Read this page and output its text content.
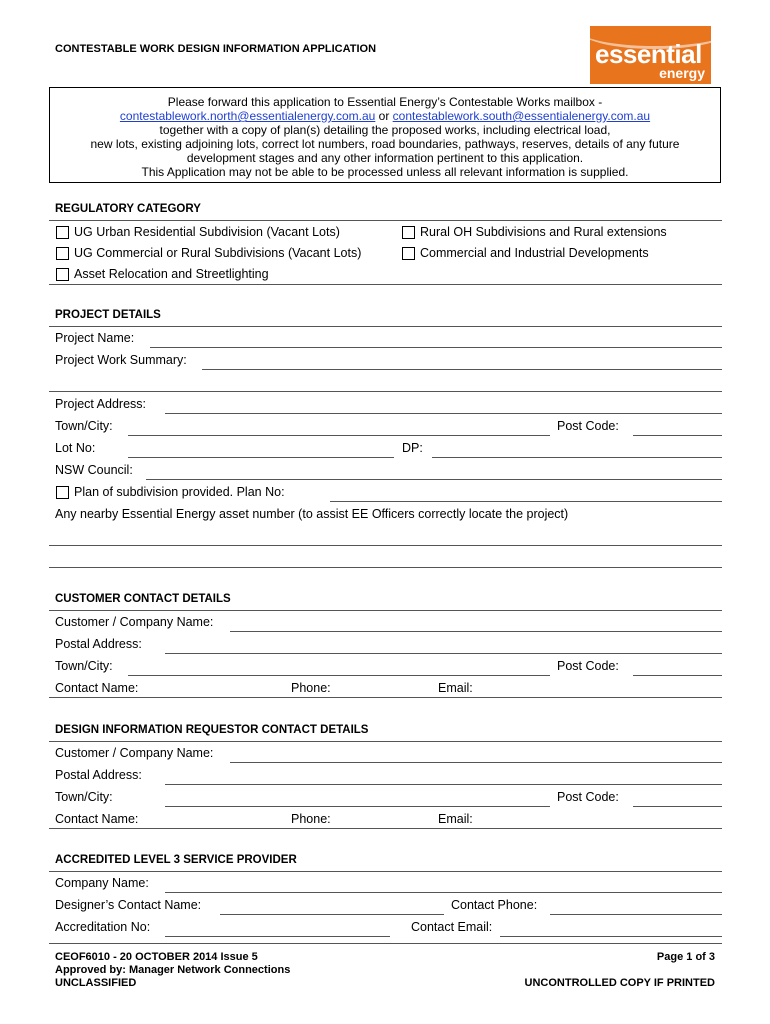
CONTESTABLE WORK DESIGN INFORMATION APPLICATION	essential
energy
Please forward this application to Essential Energy’s Contestable Works mailbox -
contestablework.north@essentialenergy.com.au or contestablework.south@essentialenergy.com.au
together with a copy of plan(s) detailing the proposed works, including electrical load,
new lots, existing adjoining lots, correct lot numbers, road boundaries, pathways, reserves, details of any future
development stages and any other information pertinent to this application.
This Application may not be able to be processed unless all relevant information is supplied.
REGULATORY CATEGORY
UG Urban Residential Subdivision (Vacant Lots)	Rural OH Subdivisions and Rural extensions
UG Commercial or Rural Subdivisions (Vacant Lots)	Commercial and Industrial Developments
Asset Relocation and Streetlighting
PROJECT DETAILS
Project Name:
Project Work Summary:
Project Address:
Town/City:	Post Code:
Lot No:	DP:
NSW Council:
Plan of subdivision provided. Plan No:
Any nearby Essential Energy asset number (to assist EE Officers correctly locate the project)
CUSTOMER CONTACT DETAILS
Customer / Company Name:
Postal Address:
Town/City:	Post Code:
Contact Name:	Phone:	Email:
DESIGN INFORMATION REQUESTOR CONTACT DETAILS
Customer / Company Name:
Postal Address:
Town/City:	Post Code:
Contact Name:	Phone:	Email:
ACCREDITED LEVEL 3 SERVICE PROVIDER
Company Name:
Designer’s Contact Name:	Contact Phone:
Accreditation No:	Contact Email:
CEOF6010 - 20 OCTOBER 2014 Issue 5
Approved by: Manager Network Connections
UNCLASSIFIED
Page 1 of 3
UNCONTROLLED COPY IF PRINTED
